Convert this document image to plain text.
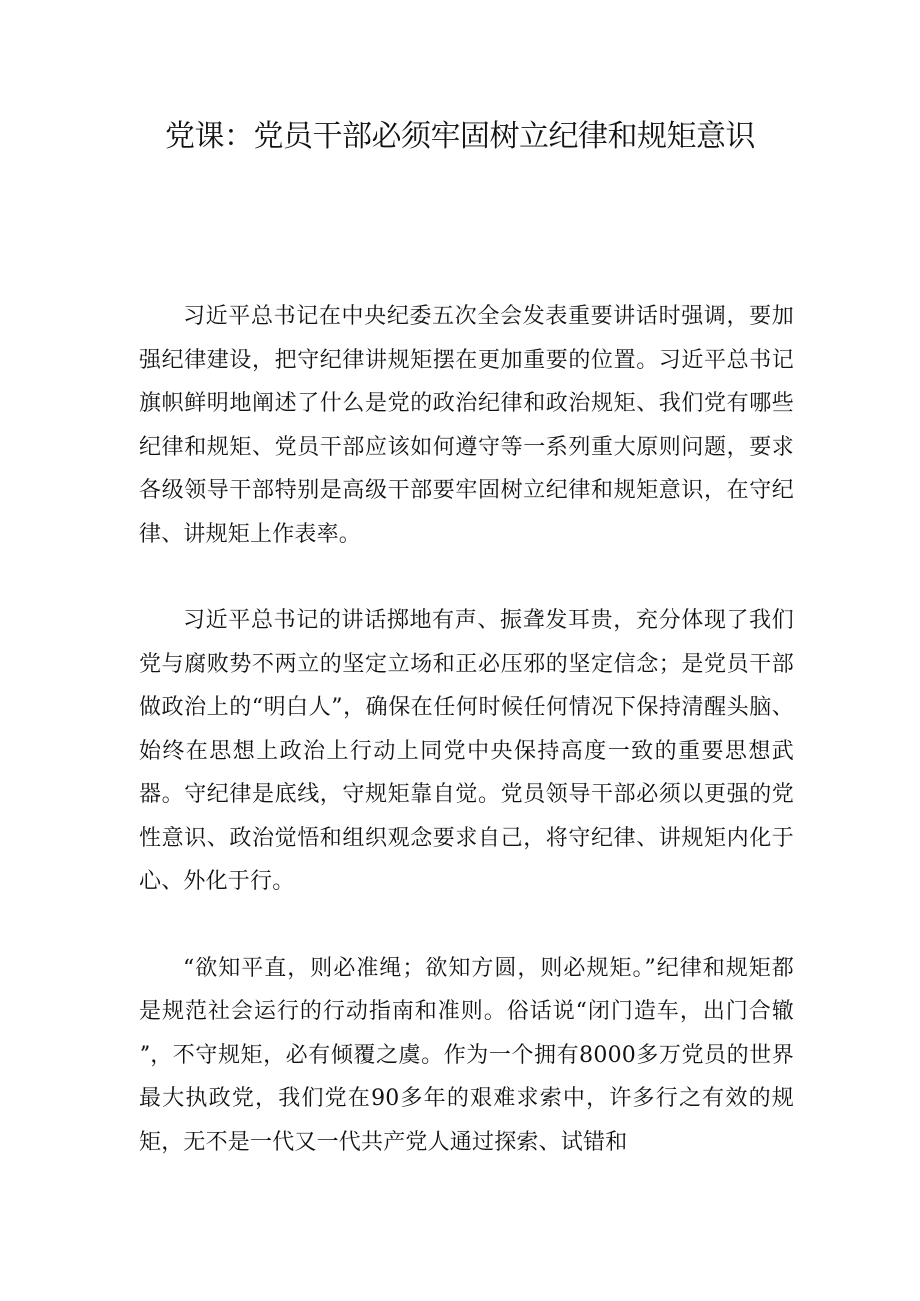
党课：党员干部必须牢固树立纪律和规矩意识

习近平总书记在中央纪委五次全会发表重要讲话时强调，要加强纪律建设，把守纪律讲规矩摆在更加重要的位置。习近平总书记旗帜鲜明地阐述了什么是党的政治纪律和政治规矩、我们党有哪些纪律和规矩、党员干部应该如何遵守等一系列重大原则问题，要求各级领导干部特别是高级干部要牢固树立纪律和规矩意识，在守纪律、讲规矩上作表率。

习近平总书记的讲话掷地有声、振聋发耳贵，充分体现了我们党与腐败势不两立的坚定立场和正必压邪的坚定信念；是党员干部做政治上的“明白人”，确保在任何时候任何情况下保持清醒头脑、始终在思想上政治上行动上同党中央保持高度一致的重要思想武器。守纪律是底线，守规矩靠自觉。党员领导干部必须以更强的党性意识、政治觉悟和组织观念要求自己，将守纪律、讲规矩内化于心、外化于行。

“欲知平直，则必准绳；欲知方圆，则必规矩。”纪律和规矩都是规范社会运行的行动指南和准则。俗话说“闭门造车，出门合辙ˮ，不守规矩，必有倾覆之虞。作为一个拥有8000多万党员的世界最大执政党，我们党在90多年的艰难求索中，许多行之有效的规矩，无不是一代又一代共产党人通过探索、试错和
